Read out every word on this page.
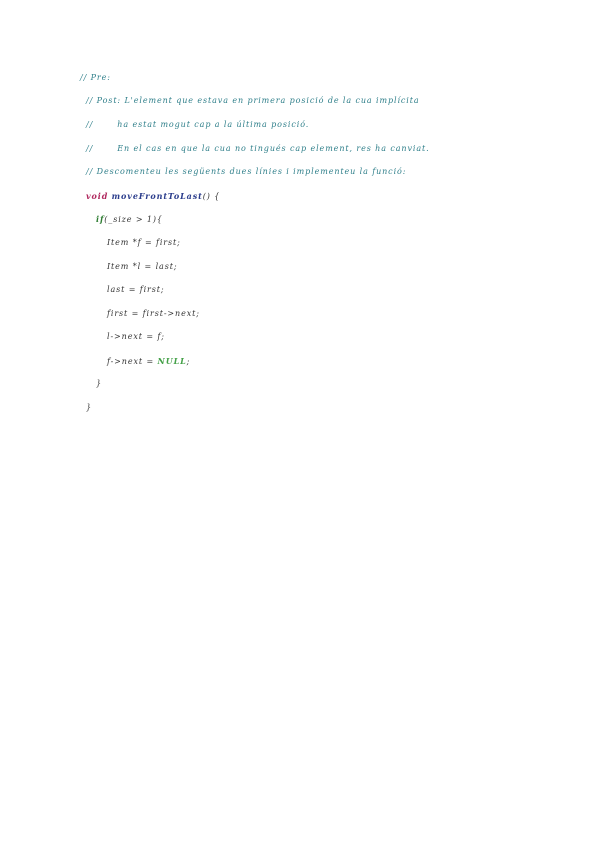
// Pre:
// Post: L'element que estava en primera posició de la cua implícita
//       ha estat mogut cap a la última posició.
//       En el cas en que la cua no tingués cap element, res ha canviat.
// Descomenteu les següents dues línies i implementeu la funció:
void moveFrontToLast() {
if(_size > 1){
Item *f = first;
Item *l = last;
last = first;
first = first->next;
l->next = f;
f->next = NULL;
}
}
